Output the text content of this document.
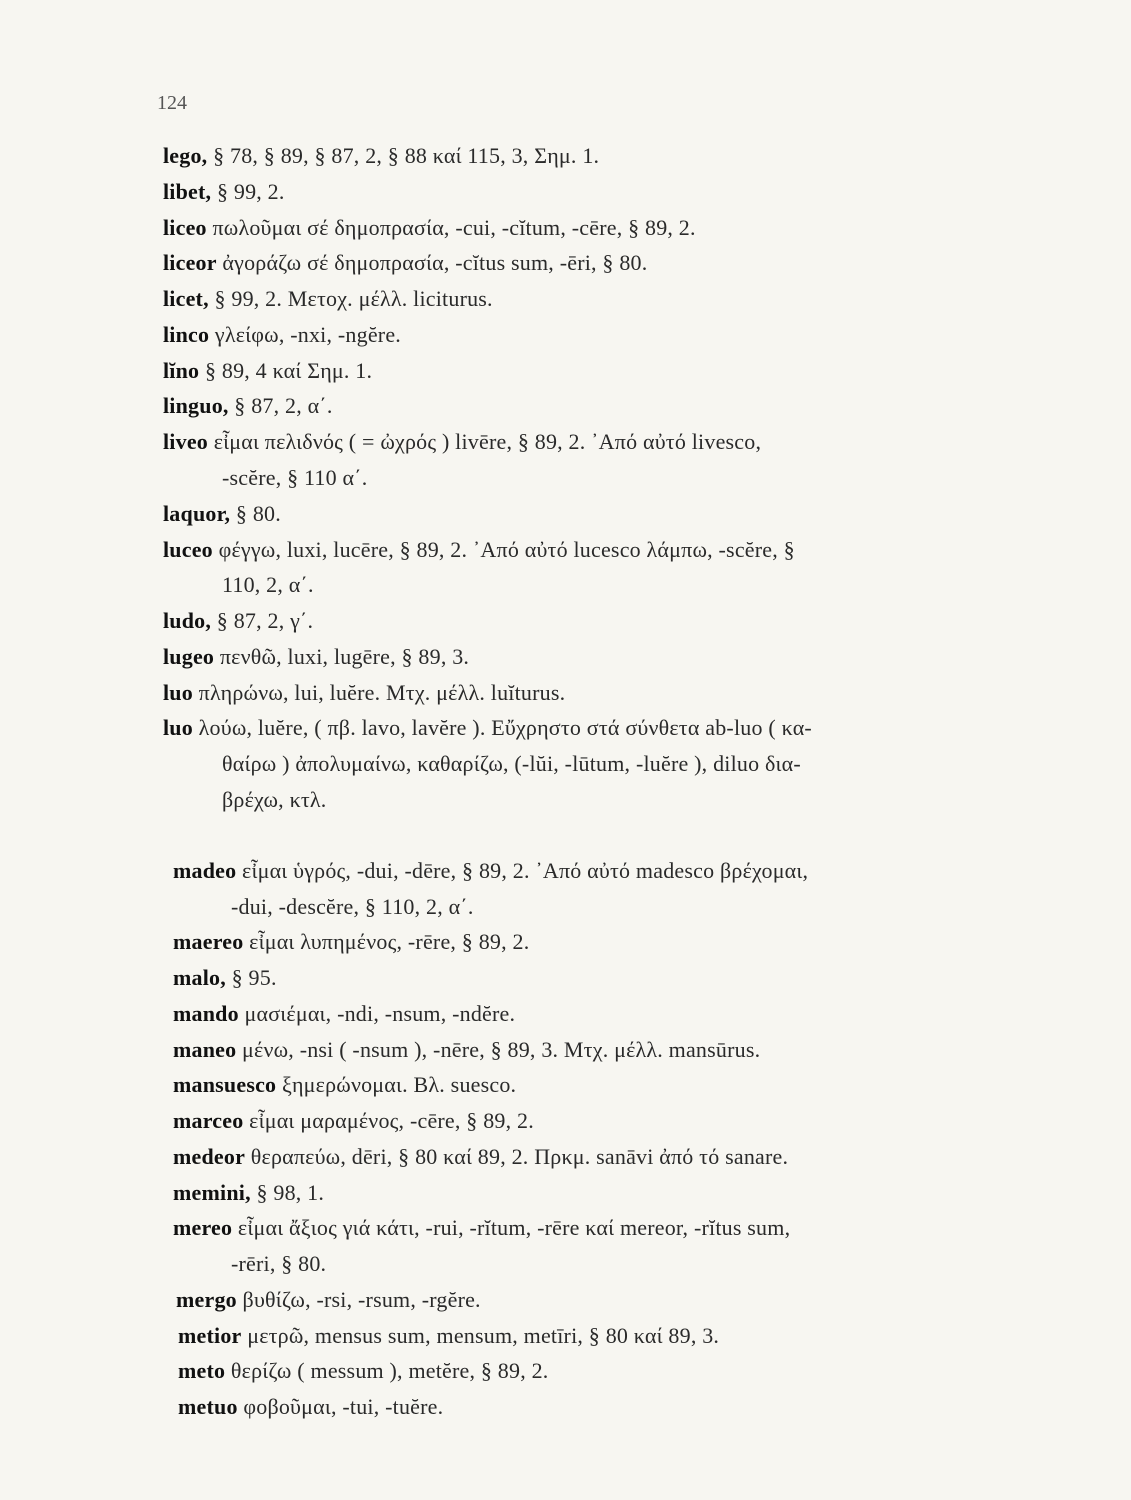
124
lego, § 78, § 89, § 87, 2, § 88 καί 115, 3, Σημ. 1.
libet, § 99, 2.
liceo πωλοῦμαι σέ δημοπρασία, -cui, -cĭtum, -cēre, § 89, 2.
liceor ἀγοράζω σέ δημοπρασία, -cĭtus sum, -ēri, § 80.
licet, § 99, 2. Μετοχ. μέλλ. liciturus.
linco γλείφω, -nxi, -ngĕre.
lĭno § 89, 4 καί Σημ. 1.
linguo, § 87, 2, α΄.
liveo εἶμαι πελιδνός ( = ὠχρός ) livēre, § 89, 2. ᾽Από αὐτό livesco,
-scĕre, § 110 α΄.
laquor, § 80.
luceo φέγγω, luxi, lucēre, § 89, 2. ᾽Από αὐτό lucesco λάμπω, -scĕre, §
110, 2, α΄.
ludo, § 87, 2, γ΄.
lugeo πενθῶ, luxi, lugēre, § 89, 3.
luo πληρώνω, lui, luĕre. Μτχ. μέλλ. luĭturus.
luo λούω, luĕre, ( πβ. lavo, lavĕre ). Εὔχρηστο στά σύνθετα ab-luo ( κα-
θαίρω ) ἀπολυμαίνω, καθαρίζω, (-lŭi, -lūtum, -luĕre ), diluo δια-
βρέχω, κτλ.
madeo εἶμαι ὑγρός, -dui, -dēre, § 89, 2. ᾽Από αὐτό madesco βρέχομαι,
-dui, -descĕre, § 110, 2, α΄.
maereo εἶμαι λυπημένος, -rēre, § 89, 2.
malo, § 95.
mando μασιέμαι, -ndi, -nsum, -ndĕre.
maneo μένω, -nsi ( -nsum ), -nēre, § 89, 3. Μτχ. μέλλ. mansūrus.
mansuesco ξημερώνομαι. Βλ. suesco.
marceo εἶμαι μαραμένος, -cēre, § 89, 2.
medeor θεραπεύω, dēri, § 80 καί 89, 2. Πρκμ. sanāvi ἀπό τό sanare.
memini, § 98, 1.
mereo εἶμαι ἄξιος γιά κάτι, -rui, -rĭtum, -rēre καί mereor, -rĭtus sum,
-rēri, § 80.
mergo βυθίζω, -rsi, -rsum, -rgĕre.
metior μετρῶ, mensus sum, mensum, metīri, § 80 καί 89, 3.
meto θερίζω ( messum ), metĕre, § 89, 2.
metuo φοβοῦμαι, -tui, -tuĕre.
